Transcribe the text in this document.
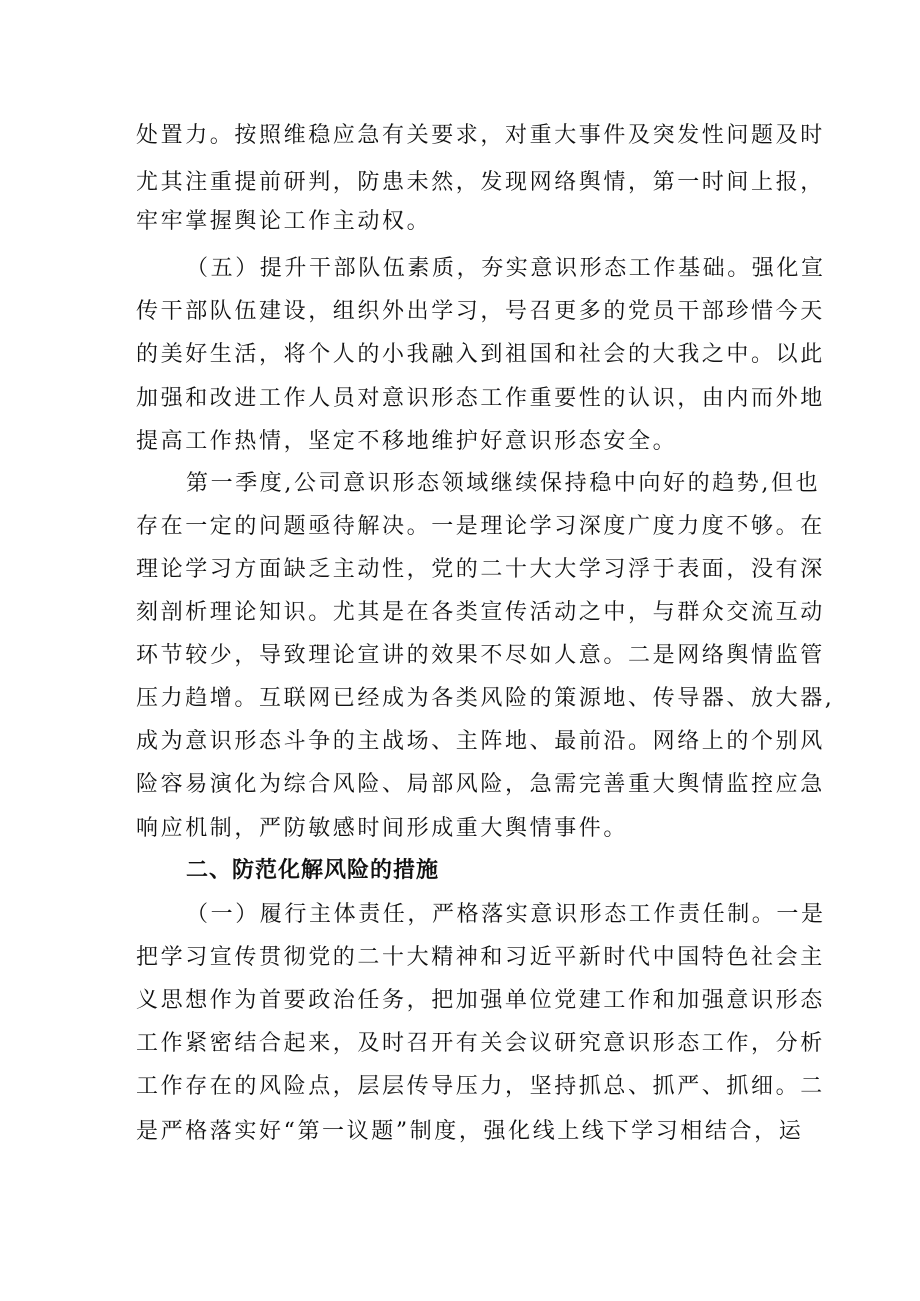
处置力。按照维稳应急有关要求，对重大事件及突发性问题及时
尤其注重提前研判，防患未然，发现网络舆情，第一时间上报，
牢牢掌握舆论工作主动权。
（五）提升干部队伍素质，夯实意识形态工作基础。强化宣
传干部队伍建设，组织外出学习，号召更多的党员干部珍惜今天
的美好生活，将个人的小我融入到祖国和社会的大我之中。以此
加强和改进工作人员对意识形态工作重要性的认识，由内而外地
提高工作热情，坚定不移地维护好意识形态安全。
第一季度,公司意识形态领域继续保持稳中向好的趋势,但也
存在一定的问题亟待解决。一是理论学习深度广度力度不够。在
理论学习方面缺乏主动性，党的二十大大学习浮于表面，没有深
刻剖析理论知识。尤其是在各类宣传活动之中，与群众交流互动
环节较少，导致理论宣讲的效果不尽如人意。二是网络舆情监管
压力趋增。互联网已经成为各类风险的策源地、传导器、放大器,
成为意识形态斗争的主战场、主阵地、最前沿。网络上的个别风
险容易演化为综合风险、局部风险，急需完善重大舆情监控应急
响应机制，严防敏感时间形成重大舆情事件。
二、防范化解风险的措施
（一）履行主体责任，严格落实意识形态工作责任制。一是
把学习宣传贯彻党的二十大精神和习近平新时代中国特色社会主
义思想作为首要政治任务，把加强单位党建工作和加强意识形态
工作紧密结合起来，及时召开有关会议研究意识形态工作，分析
工作存在的风险点，层层传导压力，坚持抓总、抓严、抓细。二
是严格落实好“第一议题”制度，强化线上线下学习相结合，运
